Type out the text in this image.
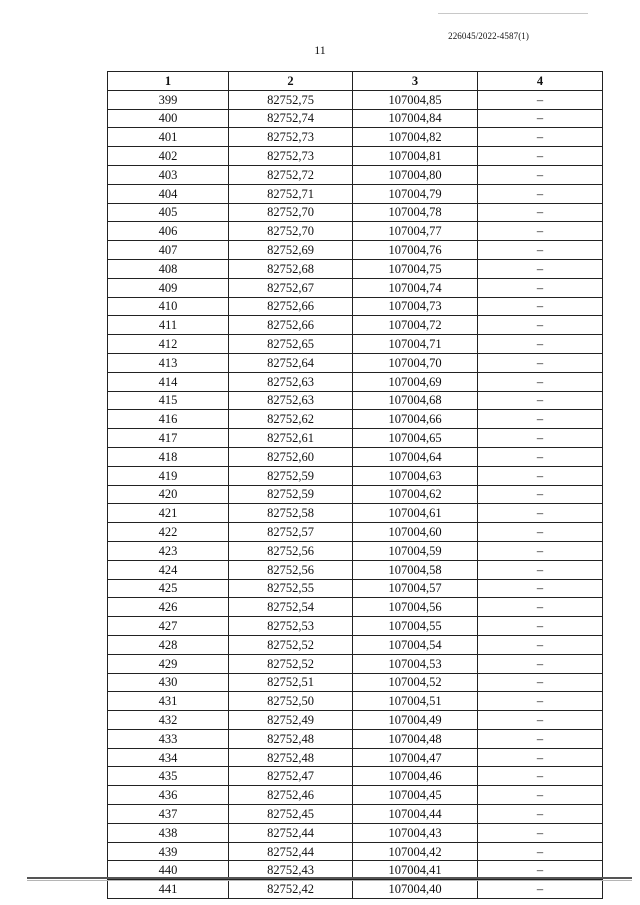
226045/2022-4587(1)
11
1	2	3	4
399	82752,75	107004,85	–
400	82752,74	107004,84	–
401	82752,73	107004,82	–
402	82752,73	107004,81	–
403	82752,72	107004,80	–
404	82752,71	107004,79	–
405	82752,70	107004,78	–
406	82752,70	107004,77	–
407	82752,69	107004,76	–
408	82752,68	107004,75	–
409	82752,67	107004,74	–
410	82752,66	107004,73	–
411	82752,66	107004,72	–
412	82752,65	107004,71	–
413	82752,64	107004,70	–
414	82752,63	107004,69	–
415	82752,63	107004,68	–
416	82752,62	107004,66	–
417	82752,61	107004,65	–
418	82752,60	107004,64	–
419	82752,59	107004,63	–
420	82752,59	107004,62	–
421	82752,58	107004,61	–
422	82752,57	107004,60	–
423	82752,56	107004,59	–
424	82752,56	107004,58	–
425	82752,55	107004,57	–
426	82752,54	107004,56	–
427	82752,53	107004,55	–
428	82752,52	107004,54	–
429	82752,52	107004,53	–
430	82752,51	107004,52	–
431	82752,50	107004,51	–
432	82752,49	107004,49	–
433	82752,48	107004,48	–
434	82752,48	107004,47	–
435	82752,47	107004,46	–
436	82752,46	107004,45	–
437	82752,45	107004,44	–
438	82752,44	107004,43	–
439	82752,44	107004,42	–
440	82752,43	107004,41	–
441	82752,42	107004,40	–
